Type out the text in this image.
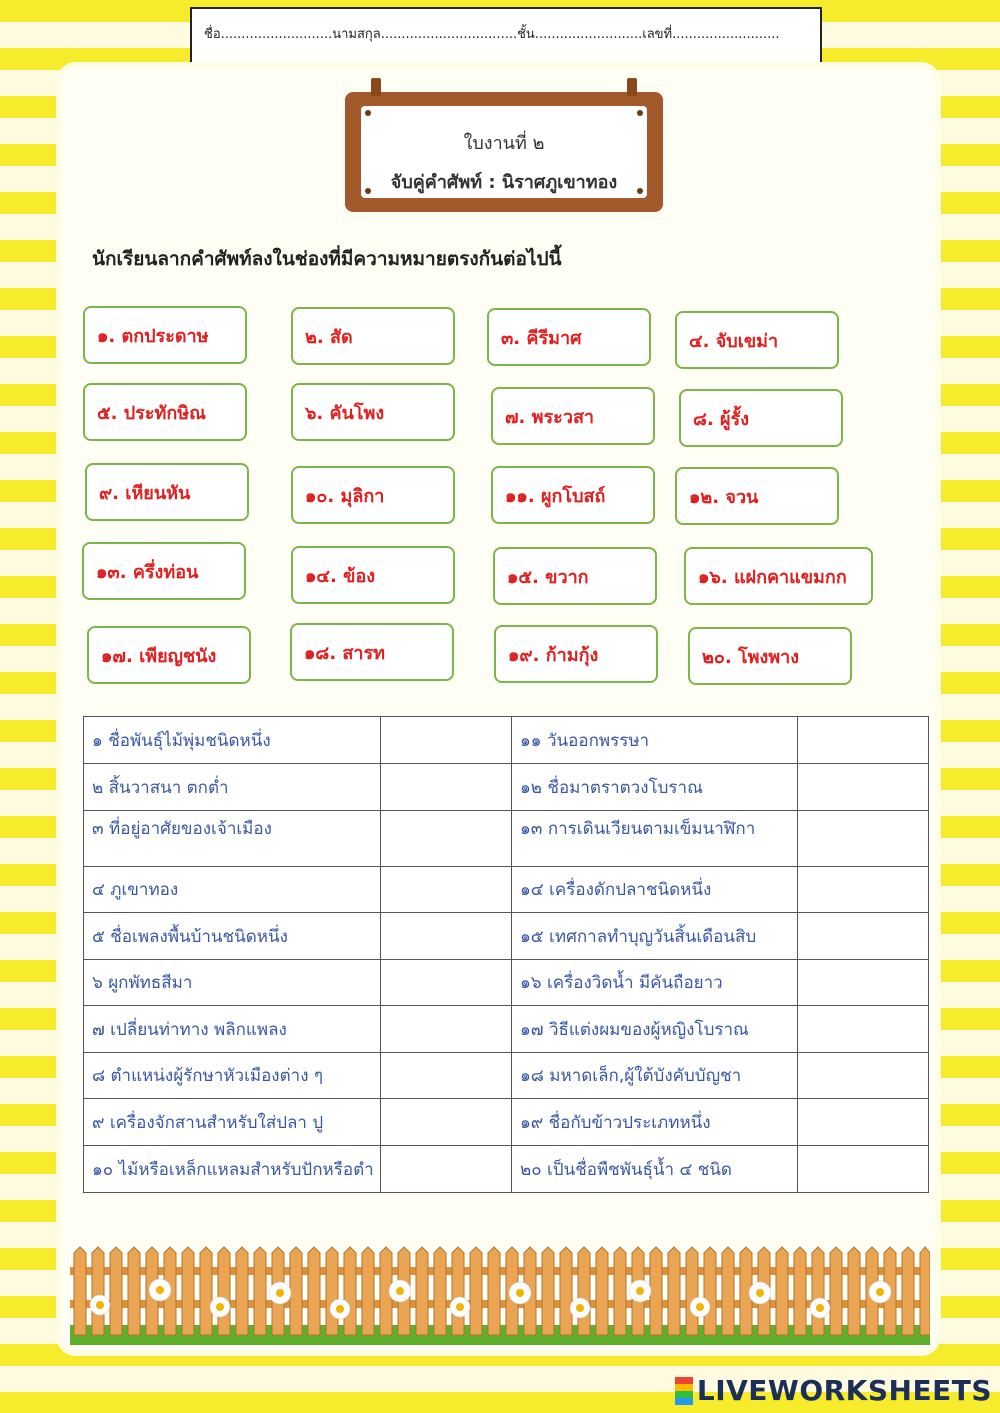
ชื่อ...........................นามสกุล.................................ชั้น..........................เลขที่..........................
ใบงานที่ ๒
จับคู่คำศัพท์ : นิราศภูเขาทอง
นักเรียนลากคำศัพท์ลงในช่องที่มีความหมายตรงกันต่อไปนี้
๑. ตกประดาษ	๒. สัด	๓. คีรีมาศ	๔. จับเขม่า
๕. ประทักษิณ	๖. คันโพง	๗. พระวสา	๘. ผู้รั้ง
๙. เหียนหัน	๑๐. มุลิกา	๑๑. ผูกโบสถ์	๑๒. จวน
๑๓. ครึ่งท่อน	๑๔. ข้อง	๑๕. ขวาก	๑๖. แฝกคาแขมกก
๑๗. เพียญชนัง	๑๘. สารท	๑๙. ก้ามกุ้ง	๒๐. โพงพาง
๑ ชื่อพันธุ์ไม้พุ่มชนิดหนึ่ง		๑๑ วันออกพรรษา	
๒ สิ้นวาสนา ตกต่ำ		๑๒ ชื่อมาตราตวงโบราณ	
๓ ที่อยู่อาศัยของเจ้าเมือง		๑๓ การเดินเวียนตามเข็มนาฬิกา	
๔ ภูเขาทอง		๑๔ เครื่องดักปลาชนิดหนึ่ง	
๕ ชื่อเพลงพื้นบ้านชนิดหนึ่ง		๑๕ เทศกาลทำบุญวันสิ้นเดือนสิบ	
๖ ผูกพัทธสีมา		๑๖ เครื่องวิดน้ำ มีคันถือยาว	
๗ เปลี่ยนท่าทาง พลิกแพลง		๑๗ วิธีแต่งผมของผู้หญิงโบราณ	
๘ ตำแหน่งผู้รักษาหัวเมืองต่าง ๆ		๑๘ มหาดเล็ก,ผู้ใต้บังคับบัญชา	
๙ เครื่องจักสานสำหรับใส่ปลา ปู		๑๙ ชื่อกับข้าวประเภทหนึ่ง	
๑๐ ไม้หรือเหล็กแหลมสำหรับปักหรือตำ		๒๐ เป็นชื่อพืชพันธุ์น้ำ ๔ ชนิด	
LIVEWORKSHEETS
